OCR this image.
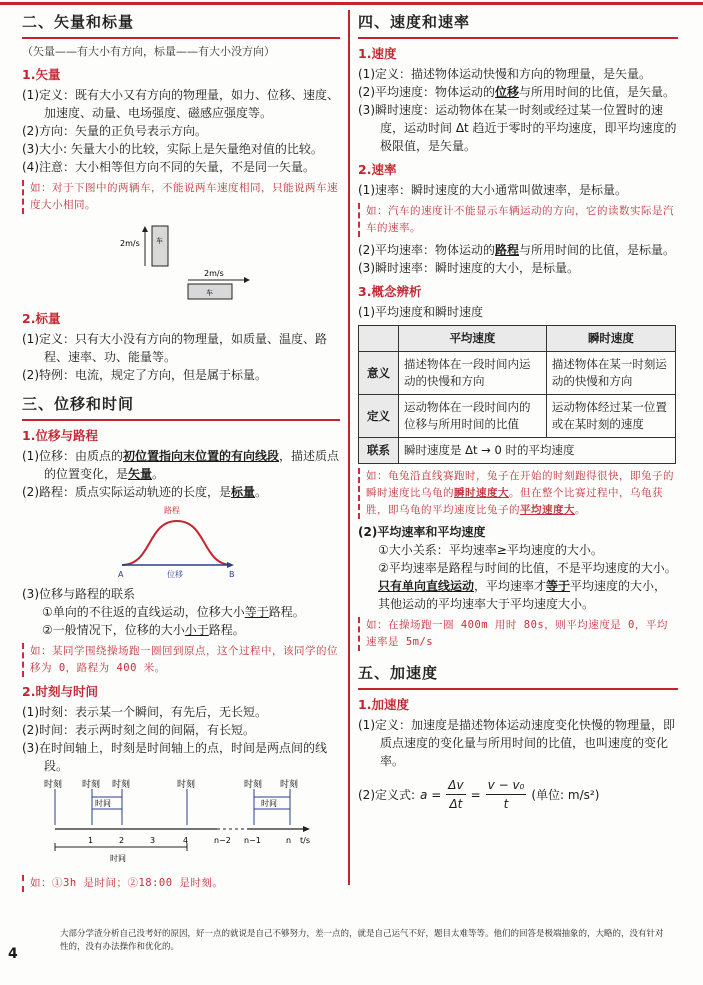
二、矢量和标量
（矢量——有大小有方向，标量——有大小没方向）
1.矢量
(1)定义：既有大小又有方向的物理量，如力、位移、速度、加速度、动量、电场强度、磁感应强度等。
(2)方向：矢量的正负号表示方向。
(3)大小: 矢量大小的比较，实际上是矢量绝对值的比较。
(4)注意：大小相等但方向不同的矢量，不是同一矢量。
如：对于下图中的两辆车，不能说两车速度相同，只能说两车速度大小相同。
2m/s 车
2m/s
车
2.标量
(1)定义：只有大小没有方向的物理量，如质量、温度、路程、速率、功、能量等。
(2)特例：电流，规定了方向，但是属于标量。
三、位移和时间
1.位移与路程
(1)位移：由质点的初位置指向末位置的有向线段，描述质点的位置变化，是矢量。
(2)路程：质点实际运动轨迹的长度，是标量。
路程
A	B
位移
(3)位移与路程的联系
①单向的不往返的直线运动，位移大小等于路程。
②一般情况下，位移的大小小于路程。
如：某同学围绕操场跑一圈回到原点，这个过程中，该同学的位移为 0，路程为 400 米。
2.时刻与时间
(1)时刻：表示某一个瞬间，有先后，无长短。
(2)时间：表示两时刻之间的间隔，有长短。
(3)在时间轴上，时刻是时间轴上的点，时间是两点间的线段。
时刻 时刻 时刻	时刻	时刻 时刻
时间	时间
1	2	3	4	n−2 n−1	n t/s
时间
如：①3h 是时间；②18:00 是时刻。
四、速度和速率
1.速度
(1)定义：描述物体运动快慢和方向的物理量，是矢量。
(2)平均速度：物体运动的位移与所用时间的比值，是矢量。
(3)瞬时速度：运动物体在某一时刻或经过某一位置时的速度，运动时间 Δt 趋近于零时的平均速度，即平均速度的极限值，是矢量。
2.速率
(1)速率：瞬时速度的大小通常叫做速率，是标量。
如：汽车的速度计不能显示车辆运动的方向，它的读数实际是汽车的速率。
(2)平均速率：物体运动的路程与所用时间的比值，是标量。
(3)瞬时速率：瞬时速度的大小，是标量。
3.概念辨析
(1)平均速度和瞬时速度
	平均速度	瞬时速度
意义	描述物体在一段时间内运动的快慢和方向	描述物体在某一时刻运动的快慢和方向
定义	运动物体在一段时间内的位移与所用时间的比值	运动物体经过某一位置或在某时刻的速度
联系	瞬时速度是 Δt → 0 时的平均速度	
如：龟兔沿直线赛跑时，兔子在开始的时刻跑得很快，即兔子的瞬时速度比乌龟的瞬时速度大。但在整个比赛过程中，乌龟获胜，即乌龟的平均速度比兔子的平均速度大。
(2)平均速率和平均速度
①大小关系：平均速率≥平均速度的大小。
②平均速率是路程与时间的比值，不是平均速度的大小。
只有单向直线运动，平均速率才等于平均速度的大小，其他运动的平均速率大于平均速度大小。
如：在操场跑一圈 400m 用时 80s，则平均速度是 0，平均速率是 5m/s
五、加速度
1.加速度
(1)定义：加速度是描述物体运动速度变化快慢的物理量，即质点速度的变化量与所用时间的比值，也叫速度的变化率。
(2)定义式: $a = \frac{\Delta v}{\Delta t} = \frac{\text{v − v₀}}{t}$ (单位: m/s²)
大部分学渣分析自己没考好的原因，好一点的就说是自己不够努力，差一点的，就是自己运气不好，题目太难等等。他们的回答是极端抽象的，大略的，没有针对性的，没有办法操作和优化的。
4
